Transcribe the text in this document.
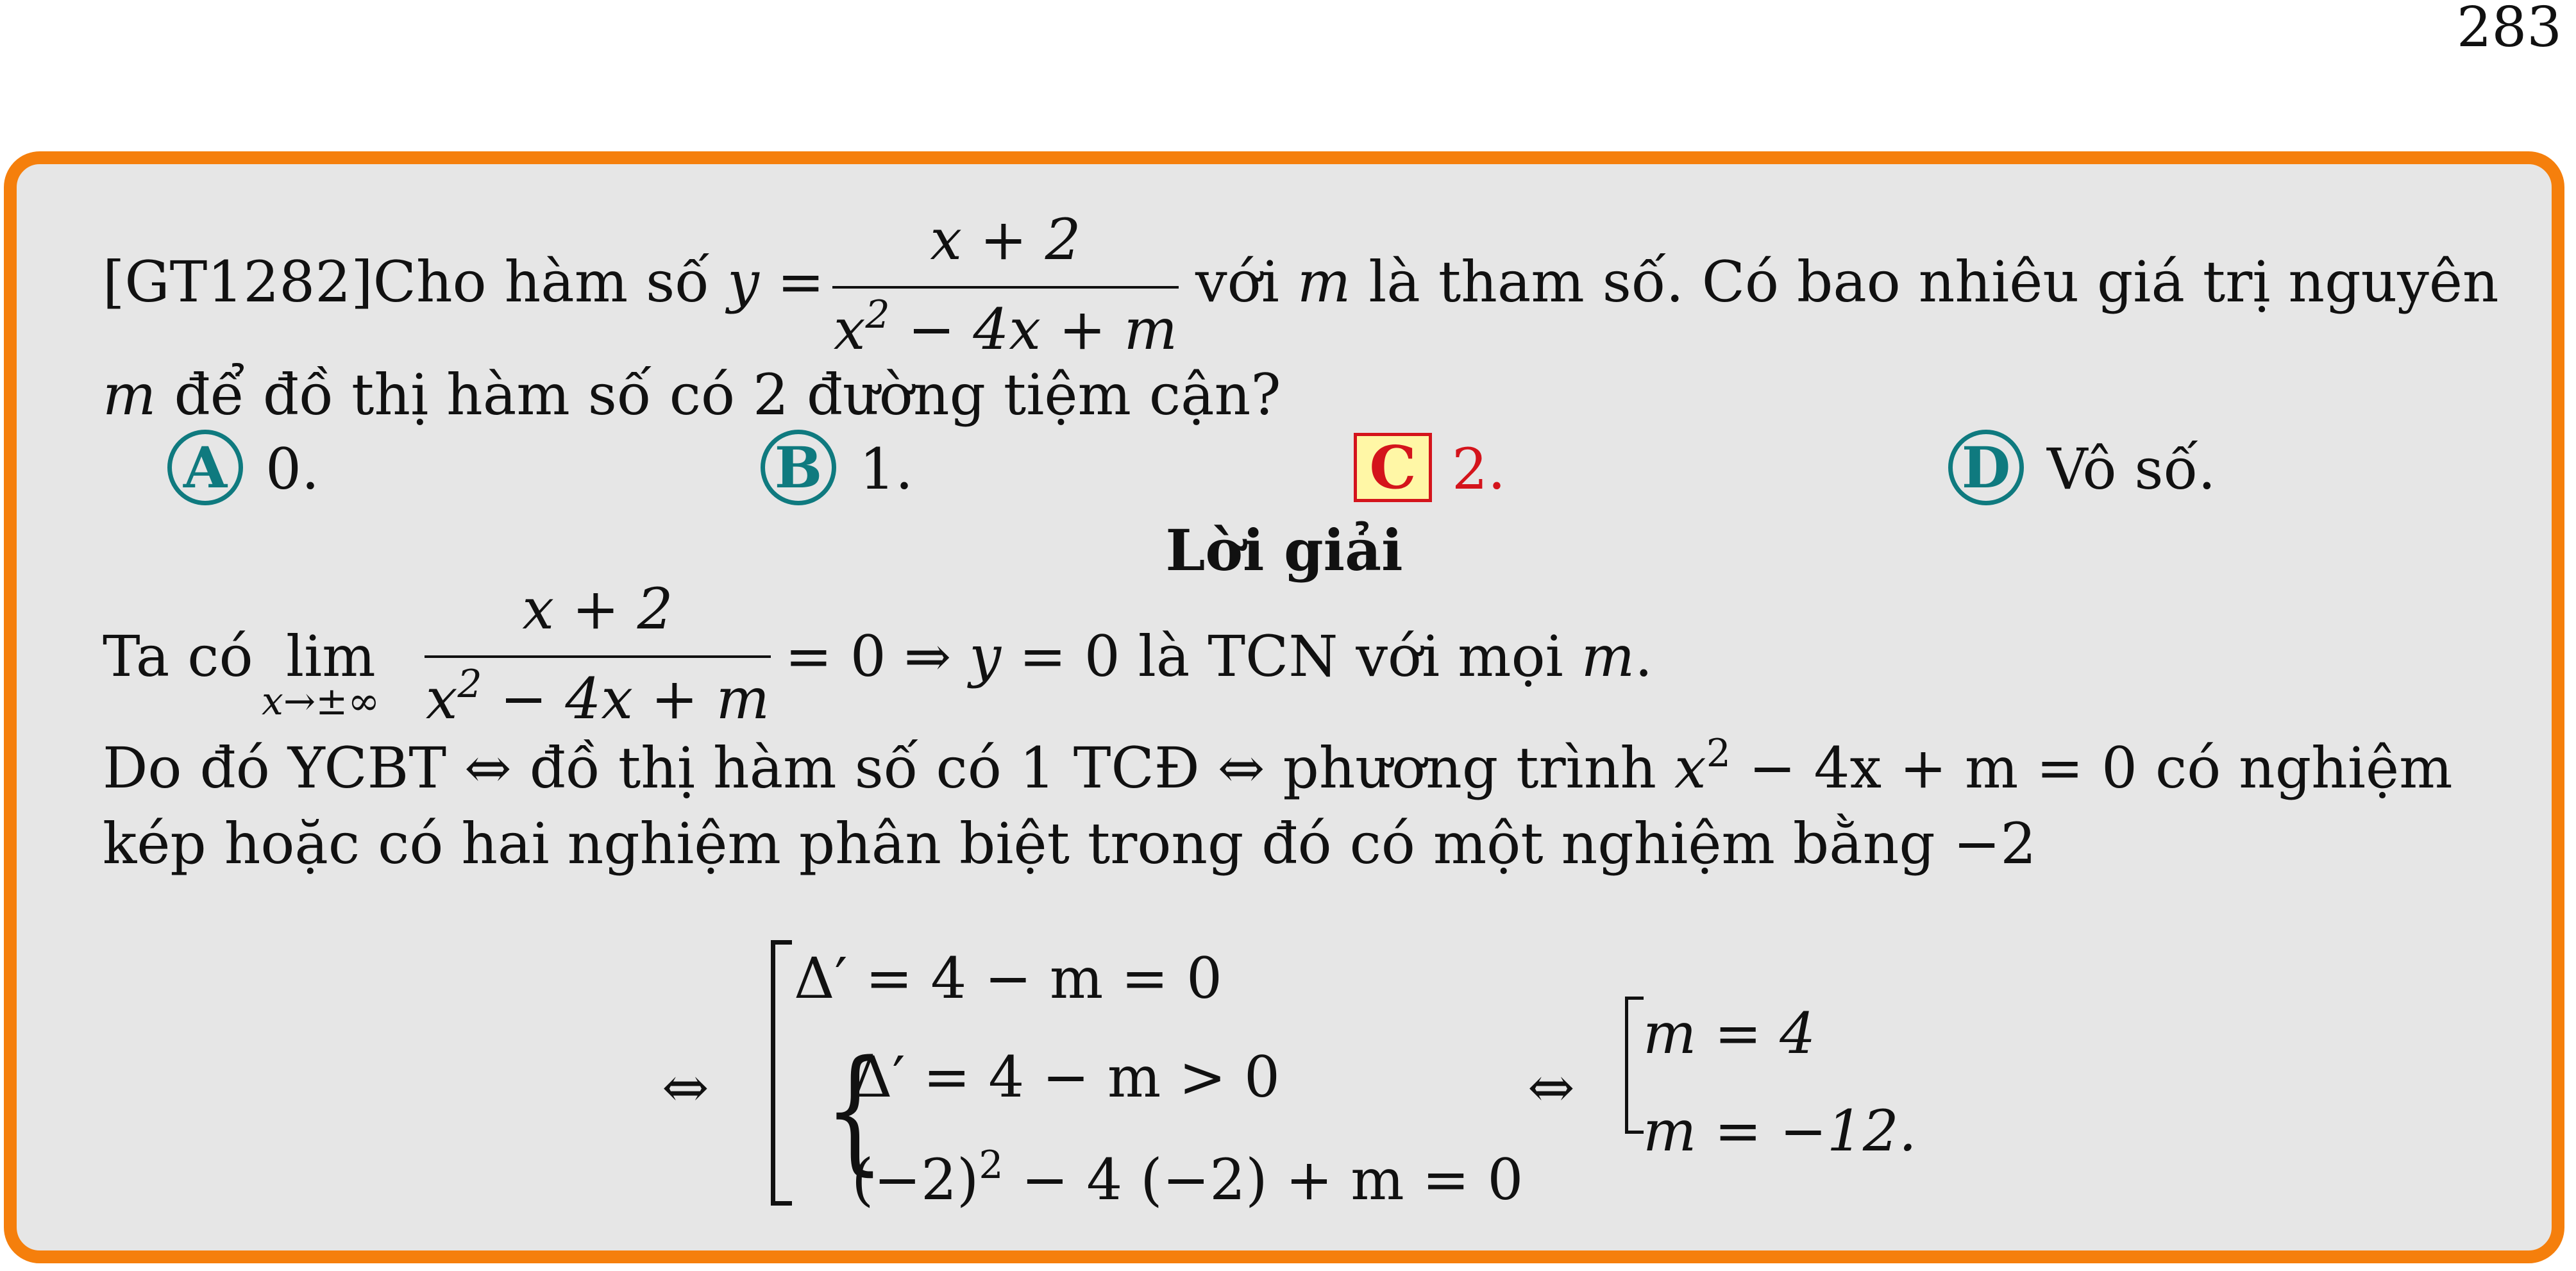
283
[GT1282]Cho hàm số y =
x + 2
$x^2 - 4x + m$
với m là tham số. Có bao nhiêu giá trị nguyên
m để đồ thị hàm số có 2 đường tiệm cận?
A 0.	B 1.	C 2.	D Vô số.
Lời giải
Ta có lim
x→±∞
x + 2
$x^2 - 4x + m$
= 0 ⇒ y = 0 là TCN với mọi m.
Do đó YCBT ⇔ đồ thị hàm số có 1 TCĐ ⇔ phương trình $x^2 - 4x + m = 0$ có nghiệm
kép hoặc có hai nghiệm phân biệt trong đó có một nghiệm bằng −2
⇔
Δ′ = 4 − m = 0
{
Δ′ = 4 − m > 0
$(-2)^2 - 4$ (−2) + m = 0
⇔
m = 4
m = −12.
